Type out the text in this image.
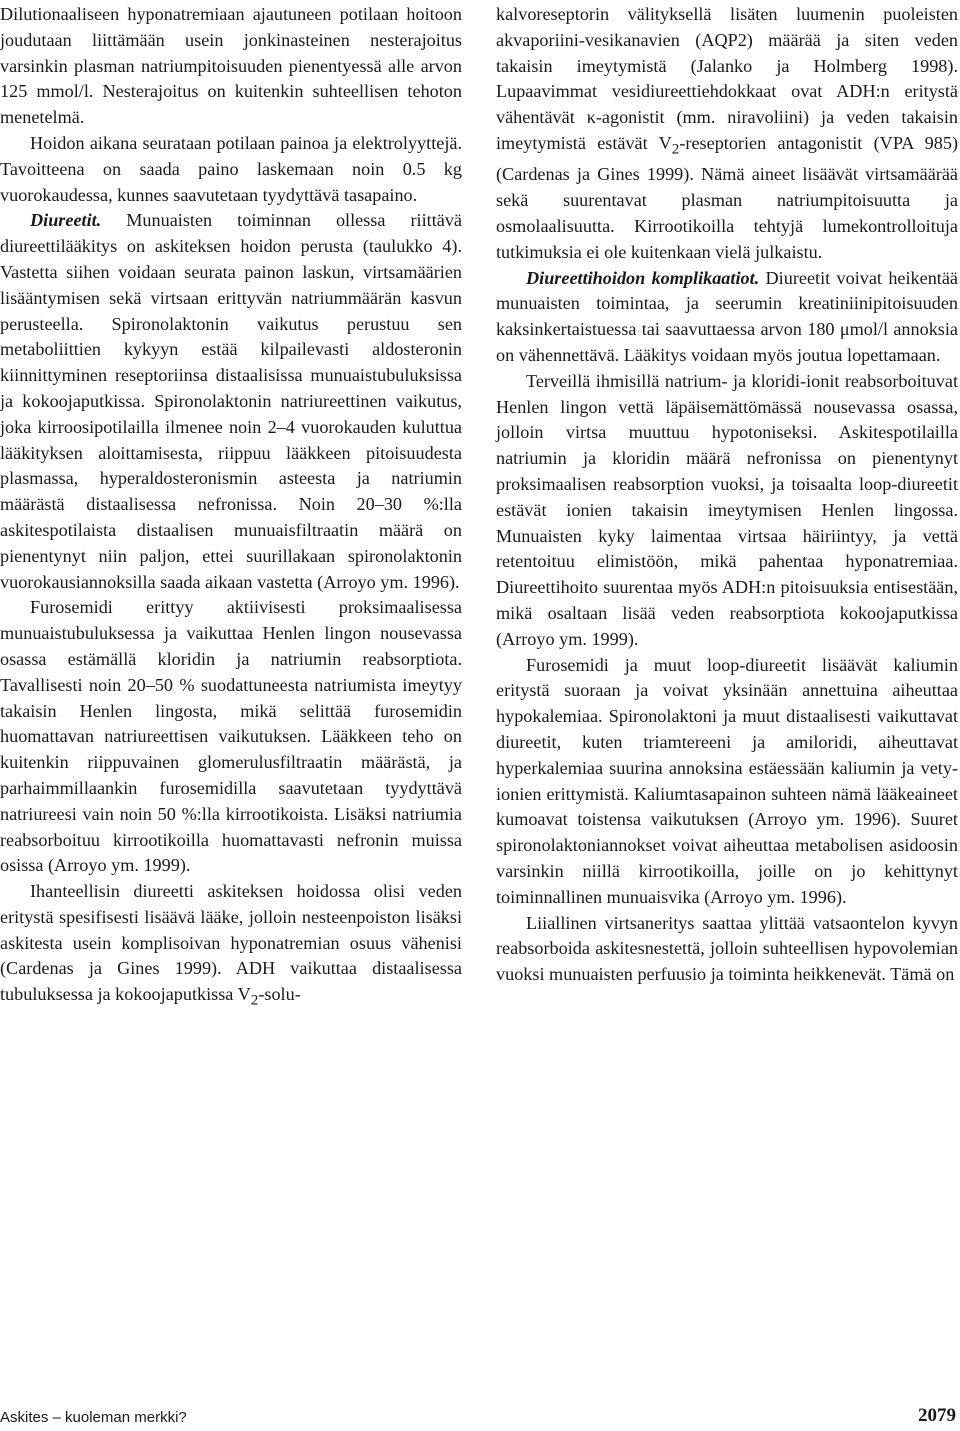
Dilutionaaliseen hyponatremiaan ajautuneen potilaan hoitoon joudutaan liittämään usein jonkinasteinen nesterajoitus varsinkin plasman natriumpitoisuuden pienentyessä alle arvon 125 mmol/l. Nesterajoitus on kuitenkin suhteellisen tehoton menetelmä.

Hoidon aikana seurataan potilaan painoa ja elektrolyyttejä. Tavoitteena on saada paino laskemaan noin 0.5 kg vuorokaudessa, kunnes saavutetaan tyydyttävä tasapaino.

Diureetit. Munuaisten toiminnan ollessa riittävä diureettilääkitys on askiteksen hoidon perusta (taulukko 4). Vastetta siihen voidaan seurata painon laskun, virtsamäärien lisääntymisen sekä virtsaan erittyvän natriummäärän kasvun perusteella. Spironolaktonin vaikutus perustuu sen metaboliittien kykyyn estää kilpailevasti aldosteronin kiinnittyminen reseptoriinsa distaalisissa munuaistubuluksissa ja kokoojaputkissa. Spironolaktonin natriureettinen vaikutus, joka kirroosipotilailla ilmenee noin 2–4 vuorokauden kuluttua lääkityksen aloittamisesta, riippuu lääkkeen pitoisuudesta plasmassa, hyperaldosteronismin asteesta ja natriumin määrästä distaalisessa nefronissa. Noin 20–30 %:lla askitespotilaista distaalisen munuaisfiltraatin määrä on pienentynyt niin paljon, ettei suurillakaan spironolaktonin vuorokausiannoksilla saada aikaan vastetta (Arroyo ym. 1996).

Furosemidi erittyy aktiivisesti proksimaalisessa munuaistubuluksessa ja vaikuttaa Henlen lingon nousevassa osassa estämällä kloridin ja natriumin reabsorptiota. Tavallisesti noin 20–50 % suodattuneesta natriumista imeytyy takaisin Henlen lingosta, mikä selittää furosemidin huomattavan natriureettisen vaikutuksen. Lääkkeen teho on kuitenkin riippuvainen glomerulusfiltraatin määrästä, ja parhaimmillaankin furosemidilla saavutetaan tyydyttävä natriureesi vain noin 50 %:lla kirrootikoista. Lisäksi natriumia reabsorboituu kirrootikoilla huomattavasti nefronin muissa osissa (Arroyo ym. 1999).

Ihanteellisin diureetti askiteksen hoidossa olisi veden eritystä spesifisesti lisäävä lääke, jolloin nesteenpoiston lisäksi askitesta usein komplisoivan hyponatremian osuus vähenisi (Cardenas ja Gines 1999). ADH vaikuttaa distaalisessa tubuluksessa ja kokoojaputkissa $V_2-solu-$

kalvoreseptorin välityksellä lisäten luumenin puoleisten akvaporiini-vesikanavien (AQP2) määrää ja siten veden takaisin imeytymistä (Jalanko ja Holmberg 1998). Lupaavimmat vesidiureettiehdokkaat ovat ADH:n eritystä vähentävät κ-agonistit (mm. niravoliini) ja veden takaisin imeytymistä estävät $V_2$-reseptorien antagonistit (VPA 985) (Cardenas ja Gines 1999). Nämä aineet lisäävät virtsamäärää sekä suurentavat plasman natriumpitoisuutta ja osmolaalisuutta. Kirrootikoilla tehtyjä lumekontrolloituja tutkimuksia ei ole kuitenkaan vielä julkaistu.

Diureettihoidon komplikaatiot. Diureetit voivat heikentää munuaisten toimintaa, ja seerumin kreatiniinipitoisuuden kaksinkertaistuessa tai saavuttaessa arvon 180 μmol/l annoksia on vähennettävä. Lääkitys voidaan myös joutua lopettamaan.

Terveillä ihmisillä natrium- ja kloridi-ionit reabsorboituvat Henlen lingon vettä läpäisemättömässä nousevassa osassa, jolloin virtsa muuttuu hypotoniseksi. Askitespotilailla natriumin ja kloridin määrä nefronissa on pienentynyt proksimaalisen reabsorption vuoksi, ja toisaalta loop-diureetit estävät ionien takaisin imeytymisen Henlen lingossa. Munuaisten kyky laimentaa virtsaa häiriintyy, ja vettä retentoituu elimistöön, mikä pahentaa hyponatremiaa. Diureettihoito suurentaa myös ADH:n pitoisuuksia entisestään, mikä osaltaan lisää veden reabsorptiota kokoojaputkissa (Arroyo ym. 1999).

Furosemidi ja muut loop-diureetit lisäävät kaliumin eritystä suoraan ja voivat yksinään annettuina aiheuttaa hypokalemiaa. Spironolaktoni ja muut distaalisesti vaikuttavat diureetit, kuten triamtereeni ja amiloridi, aiheuttavat hyperkalemiaa suurina annoksina estäessään kaliumin ja vety-ionien erittymistä. Kaliumtasapainon suhteen nämä lääkeaineet kumoavat toistensa vaikutuksen (Arroyo ym. 1996). Suuret spironolaktoniannokset voivat aiheuttaa metabolisen asidoosin varsinkin niillä kirrootikoilla, joille on jo kehittynyt toiminnallinen munuaisvika (Arroyo ym. 1996).

Liiallinen virtsaneritys saattaa ylittää vatsaontelon kyvyn reabsorboida askitesnestettä, jolloin suhteellisen hypovolemian vuoksi munuaisten perfuusio ja toiminta heikkenevät. Tämä on

Askites – kuoleman merkki?	2079
